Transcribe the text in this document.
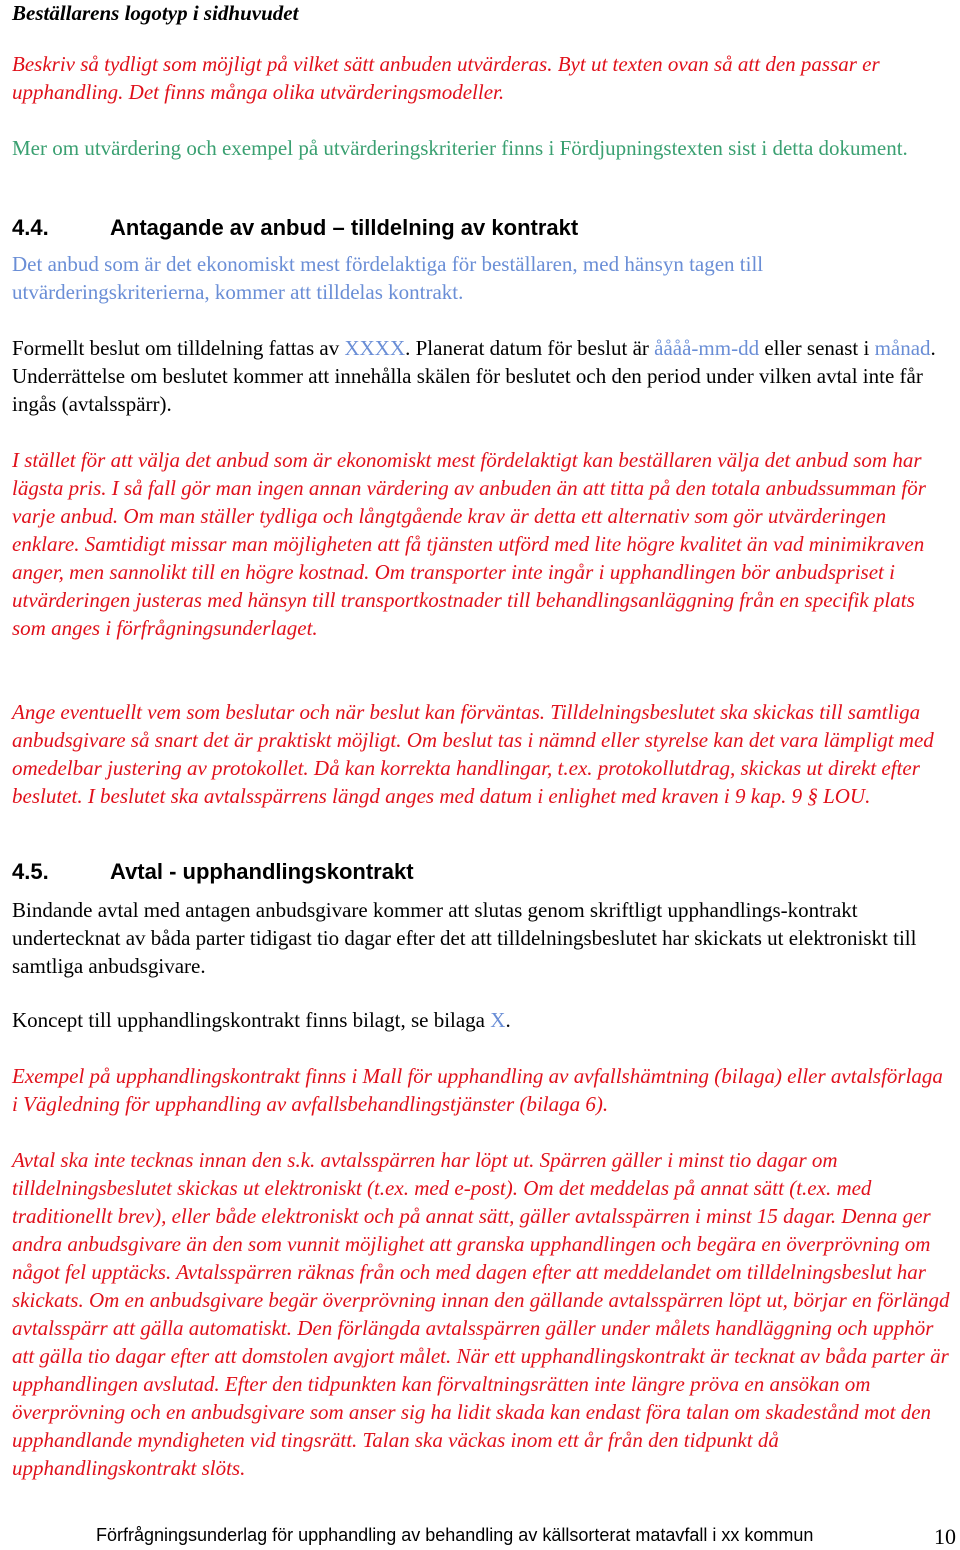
Beställarens logotyp i sidhuvudet

Beskriv så tydligt som möjligt på vilket sätt anbuden utvärderas. Byt ut texten ovan så att den passar er upphandling. Det finns många olika utvärderingsmodeller.

Mer om utvärdering och exempel på utvärderingskriterier finns i Fördjupningstexten sist i detta dokument.

4.4.	Antagande av anbud – tilldelning av kontrakt

Det anbud som är det ekonomiskt mest fördelaktiga för beställaren, med hänsyn tagen till utvärderingskriterierna, kommer att tilldelas kontrakt.

Formellt beslut om tilldelning fattas av XXXX. Planerat datum för beslut är åååå-mm-dd eller senast i månad. Underrättelse om beslutet kommer att innehålla skälen för beslutet och den period under vilken avtal inte får ingås (avtalsspärr).

I stället för att välja det anbud som är ekonomiskt mest fördelaktigt kan beställaren välja det anbud som har lägsta pris. I så fall gör man ingen annan värdering av anbuden än att titta på den totala anbudssumman för varje anbud. Om man ställer tydliga och långtgående krav är detta ett alternativ som gör utvärderingen enklare. Samtidigt missar man möjligheten att få tjänsten utförd med lite högre kvalitet än vad minimikraven anger, men sannolikt till en högre kostnad. Om transporter inte ingår i upphandlingen bör anbudspriset i utvärderingen justeras med hänsyn till transportkostnader till behandlingsanläggning från en specifik plats som anges i förfrågningsunderlaget.

Ange eventuellt vem som beslutar och när beslut kan förväntas. Tilldelningsbeslutet ska skickas till samtliga anbudsgivare så snart det är praktiskt möjligt. Om beslut tas i nämnd eller styrelse kan det vara lämpligt med omedelbar justering av protokollet. Då kan korrekta handlingar, t.ex. protokollutdrag, skickas ut direkt efter beslutet. I beslutet ska avtalsspärrens längd anges med datum i enlighet med kraven i 9 kap. 9 § LOU.

4.5.	Avtal - upphandlingskontrakt

Bindande avtal med antagen anbudsgivare kommer att slutas genom skriftligt upphandlings-kontrakt undertecknat av båda parter tidigast tio dagar efter det att tilldelningsbeslutet har skickats ut elektroniskt till samtliga anbudsgivare.

Koncept till upphandlingskontrakt finns bilagt, se bilaga X.

Exempel på upphandlingskontrakt finns i Mall för upphandling av avfallshämtning (bilaga) eller avtalsförlaga i Vägledning för upphandling av avfallsbehandlingstjänster (bilaga 6).

Avtal ska inte tecknas innan den s.k. avtalsspärren har löpt ut. Spärren gäller i minst tio dagar om tilldelningsbeslutet skickas ut elektroniskt (t.ex. med e-post). Om det meddelas på annat sätt (t.ex. med traditionellt brev), eller både elektroniskt och på annat sätt, gäller avtalsspärren i minst 15 dagar. Denna ger andra anbudsgivare än den som vunnit möjlighet att granska upphandlingen och begära en överprövning om något fel upptäcks. Avtalsspärren räknas från och med dagen efter att meddelandet om tilldelningsbeslut har skickats. Om en anbudsgivare begär överprövning innan den gällande avtalsspärren löpt ut, börjar en förlängd avtalsspärr att gälla automatiskt. Den förlängda avtalsspärren gäller under målets handläggning och upphör att gälla tio dagar efter att domstolen avgjort målet. När ett upphandlingskontrakt är tecknat av båda parter är upphandlingen avslutad. Efter den tidpunkten kan förvaltningsrätten inte längre pröva en ansökan om överprövning och en anbudsgivare som anser sig ha lidit skada kan endast föra talan om skadestånd mot den upphandlande myndigheten vid tingsrätt. Talan ska väckas inom ett år från den tidpunkt då upphandlingskontrakt slöts.

Förfrågningsunderlag för upphandling av behandling av källsorterat matavfall i xx kommun	10
